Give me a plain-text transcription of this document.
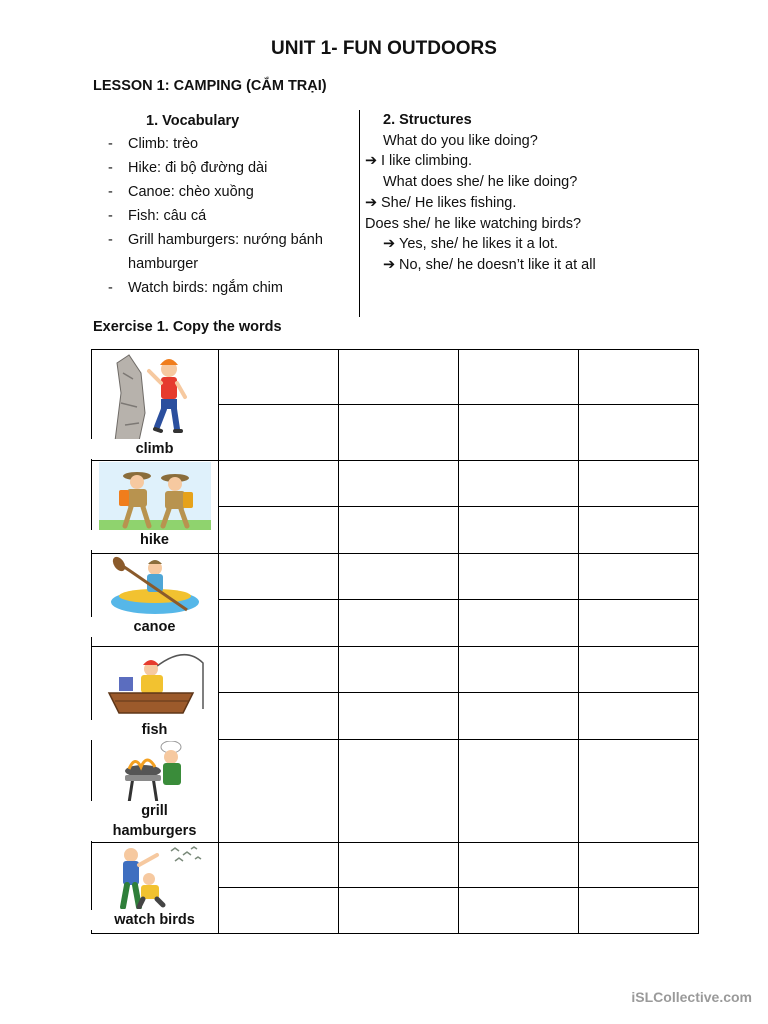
UNIT 1- FUN OUTDOORS
LESSON 1: CAMPING (CẮM TRẠI)
1. Vocabulary
- Climb: trèo
- Hike: đi bộ đường dài
- Canoe: chèo xuồng
- Fish: câu cá
- Grill hamburgers: nướng bánh hamburger
- Watch birds: ngắm chim
2. Structures
What do you like doing?
➔ I like climbing.
What does she/ he like doing?
➔ She/ He likes fishing.
Does she/ he like watching birds?
➔ Yes, she/ he likes it a lot.
➔ No, she/ he doesn’t like it at all
Exercise 1. Copy the words
climb
hike
canoe
fish
grill
hamburgers
watch birds
iSLCollective.com
